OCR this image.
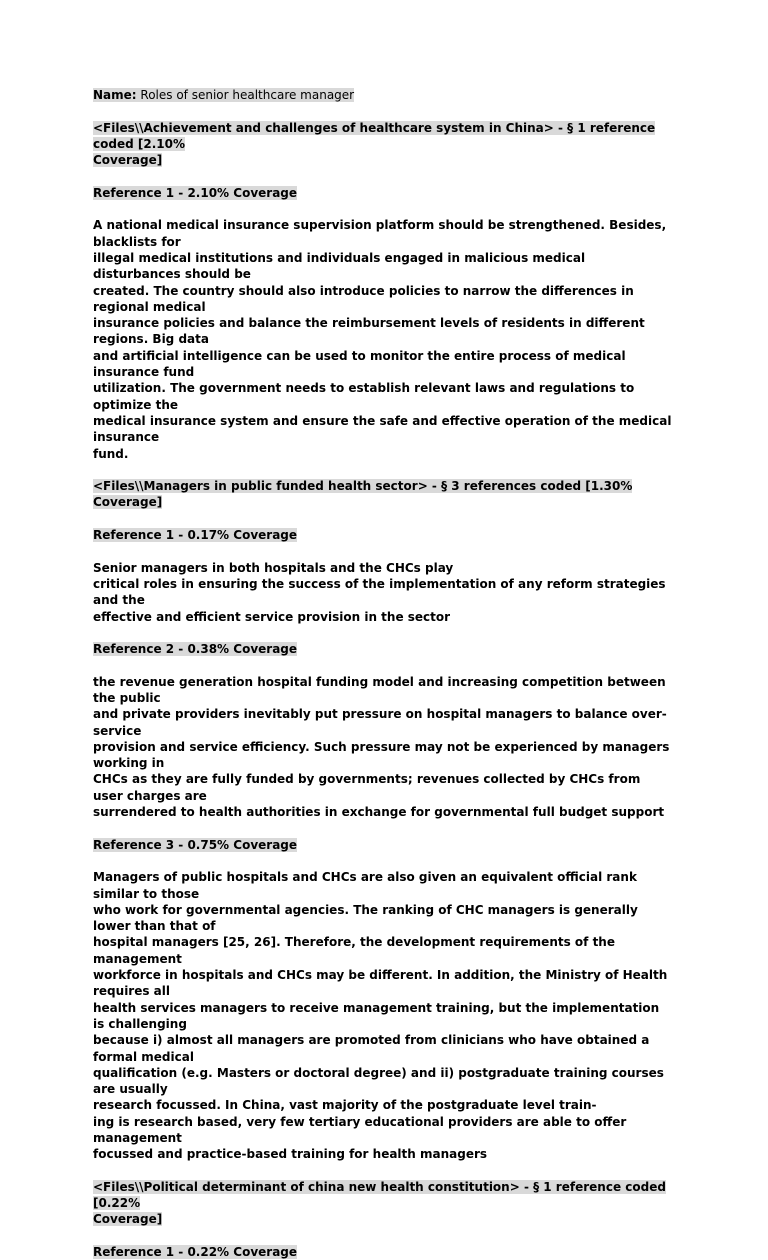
Name: Roles of senior healthcare manager
<Files\\Achievement and challenges of healthcare system in China> - § 1 reference coded [2.10%
Coverage]
Reference 1 - 2.10% Coverage
A national medical insurance supervision platform should be strengthened. Besides, blacklists for
illegal medical institutions and individuals engaged in malicious medical disturbances should be
created. The country should also introduce policies to narrow the differences in regional medical
insurance policies and balance the reimbursement levels of residents in different regions. Big data
and artificial intelligence can be used to monitor the entire process of medical insurance fund
utilization. The government needs to establish relevant laws and regulations to optimize the
medical insurance system and ensure the safe and effective operation of the medical insurance
fund.
<Files\\Managers in public funded health sector> - § 3 references coded [1.30% Coverage]
Reference 1 - 0.17% Coverage
Senior managers in both hospitals and the CHCs play
critical roles in ensuring the success of the implementation of any reform strategies and the
effective and efficient service provision in the sector
Reference 2 - 0.38% Coverage
the revenue generation hospital funding model and increasing competition between the public
and private providers inevitably put pressure on hospital managers to balance over-service
provision and service efficiency. Such pressure may not be experienced by managers working in
CHCs as they are fully funded by governments; revenues collected by CHCs from user charges are
surrendered to health authorities in exchange for governmental full budget support
Reference 3 - 0.75% Coverage
Managers of public hospitals and CHCs are also given an equivalent official rank similar to those
who work for governmental agencies. The ranking of CHC managers is generally lower than that of
hospital managers [25, 26]. Therefore, the development requirements of the management
workforce in hospitals and CHCs may be different. In addition, the Ministry of Health requires all
health services managers to receive management training, but the implementation is challenging
because i) almost all managers are promoted from clinicians who have obtained a formal medical
qualification (e.g. Masters or doctoral degree) and ii) postgraduate training courses are usually
research focussed. In China, vast majority of the postgraduate level train-
ing is research based, very few tertiary educational providers are able to offer management
focussed and practice-based training for health managers
<Files\\Political determinant of china new health constitution> - § 1 reference coded [0.22%
Coverage]
Reference 1 - 0.22% Coverage
